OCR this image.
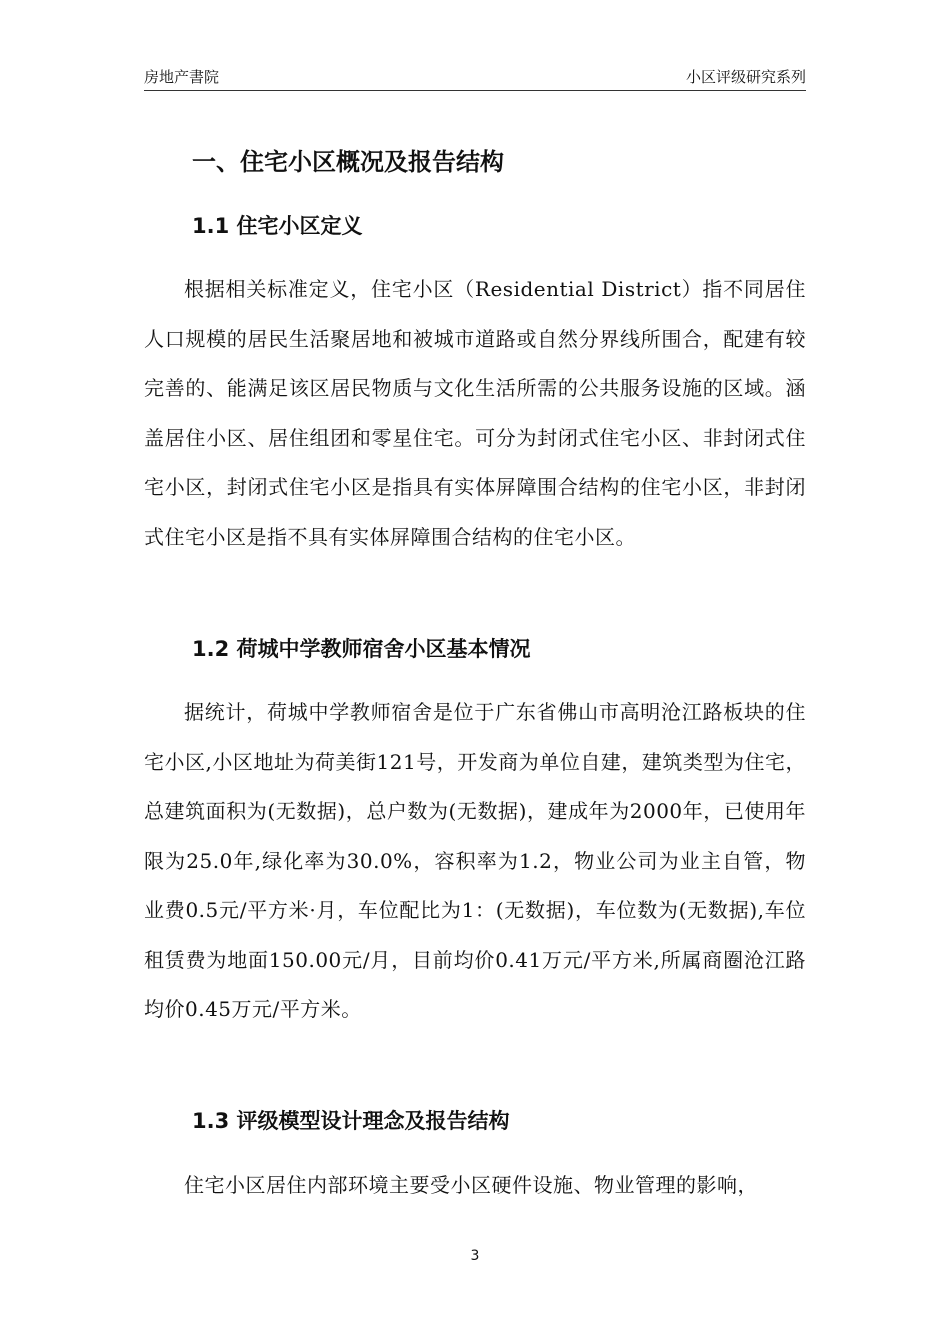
房地产書院	小区评级研究系列
一、住宅小区概况及报告结构
1.1 住宅小区定义

根据相关标准定义，住宅小区（Residential District）指不同居住人口规模的居民生活聚居地和被城市道路或自然分界线所围合，配建有较完善的、能满足该区居民物质与文化生活所需的公共服务设施的区域。涵盖居住小区、居住组团和零星住宅。可分为封闭式住宅小区、非封闭式住宅小区，封闭式住宅小区是指具有实体屏障围合结构的住宅小区，非封闭式住宅小区是指不具有实体屏障围合结构的住宅小区。

1.2 荷城中学教师宿舍小区基本情况

据统计，荷城中学教师宿舍是位于广东省佛山市高明沧江路板块的住宅小区,小区地址为荷美街121号，开发商为单位自建，建筑类型为住宅，总建筑面积为(无数据)，总户数为(无数据)，建成年为2000年，已使用年限为25.0年,绿化率为30.0%，容积率为1.2，物业公司为业主自管，物业费0.5元/平方米·月，车位配比为1：(无数据)，车位数为(无数据),车位租赁费为地面150.00元/月，目前均价0.41万元/平方米,所属商圈沧江路均价0.45万元/平方米。

1.3 评级模型设计理念及报告结构

住宅小区居住内部环境主要受小区硬件设施、物业管理的影响，

3
